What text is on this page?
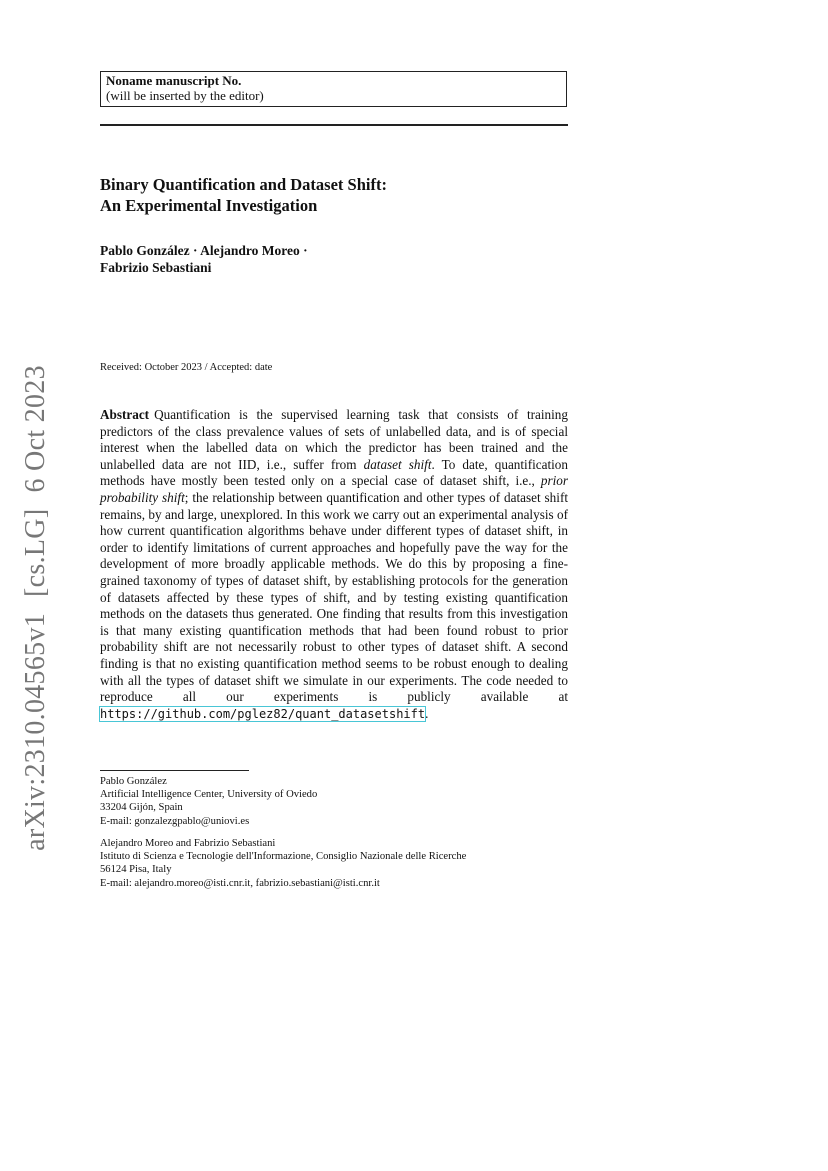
arXiv:2310.04565v1[cs.LG]6 Oct 2023
Noname manuscript No.
(will be inserted by the editor)
Binary Quantification and Dataset Shift:
An Experimental Investigation
Pablo González · Alejandro Moreo ·
Fabrizio Sebastiani
Received: October 2023 / Accepted: date
Abstract Quantification is the supervised learning task that consists of training predictors of the class prevalence values of sets of unlabelled data, and is of special interest when the labelled data on which the predictor has been trained and the unlabelled data are not IID, i.e., suffer from dataset shift. To date, quantification methods have mostly been tested only on a special case of dataset shift, i.e., prior probability shift; the relationship between quantification and other types of dataset shift remains, by and large, unexplored. In this work we carry out an experimental analysis of how current quantification algorithms behave under different types of dataset shift, in order to identify limitations of current approaches and hopefully pave the way for the development of more broadly applicable methods. We do this by proposing a fine-grained taxonomy of types of dataset shift, by establishing protocols for the generation of datasets affected by these types of shift, and by testing existing quantification methods on the datasets thus generated. One finding that results from this investigation is that many existing quantification methods that had been found robust to prior probability shift are not necessarily robust to other types of dataset shift. A second finding is that no existing quantification method seems to be robust enough to dealing with all the types of dataset shift we simulate in our experiments. The code needed to reproduce all our experiments is publicly available at https://github.com/pglez82/quant_datasetshift.
Pablo González
Artificial Intelligence Center, University of Oviedo
33204 Gijón, Spain
E-mail: gonzalezgpablo@uniovi.es
Alejandro Moreo and Fabrizio Sebastiani
Istituto di Scienza e Tecnologie dell'Informazione, Consiglio Nazionale delle Ricerche
56124 Pisa, Italy
E-mail: alejandro.moreo@isti.cnr.it, fabrizio.sebastiani@isti.cnr.it
